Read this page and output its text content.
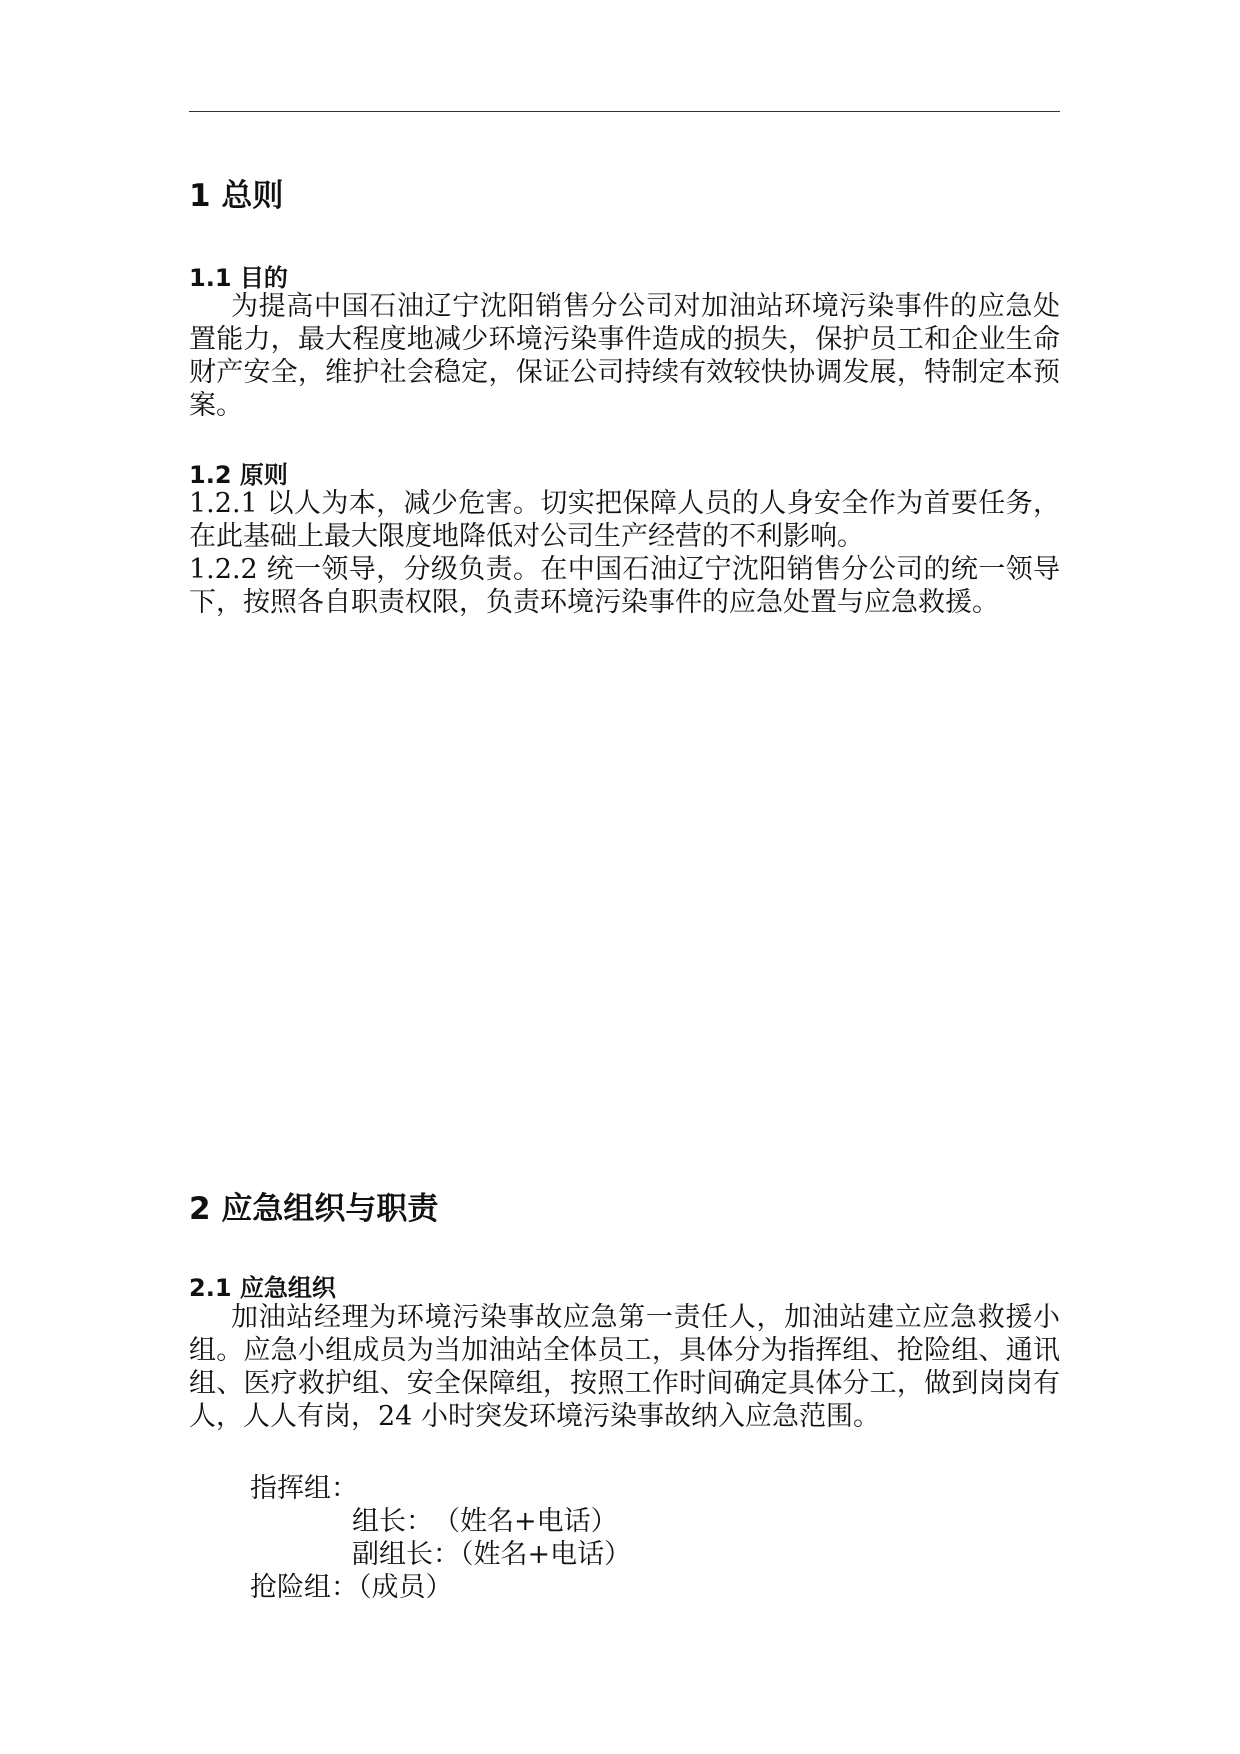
1 总则
1.1 目的

为提高中国石油辽宁沈阳销售分公司对加油站环境污染事件的应急处置能力，最大程度地减少环境污染事件造成的损失，保护员工和企业生命财产安全，维护社会稳定，保证公司持续有效较快协调发展，特制定本预案。

1.2 原则

1.2.1 以人为本，减少危害。切实把保障人员的人身安全作为首要任务，在此基础上最大限度地降低对公司生产经营的不利影响。

1.2.2 统一领导，分级负责。在中国石油辽宁沈阳销售分公司的统一领导下，按照各自职责权限，负责环境污染事件的应急处置与应急救援。

2 应急组织与职责
2.1 应急组织

加油站经理为环境污染事故应急第一责任人，加油站建立应急救援小组。应急小组成员为当加油站全体员工，具体分为指挥组、抢险组、通讯组、医疗救护组、安全保障组，按照工作时间确定具体分工，做到岗岗有人，人人有岗，24 小时突发环境污染事故纳入应急范围。

指挥组：

组长：　（姓名+电话）

副组长：（姓名+电话）

抢险组：（成员）
